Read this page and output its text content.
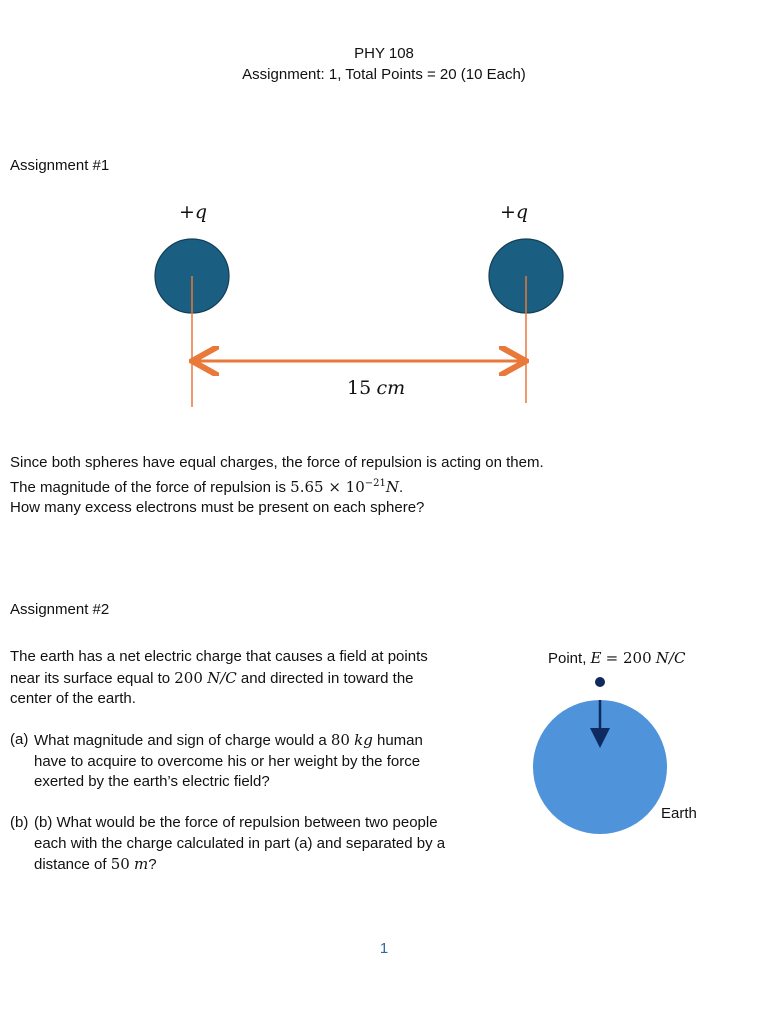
PHY 108
Assignment: 1, Total Points = 20 (10 Each)
Assignment #1
+q	+q
15 cm
Since both spheres have equal charges, the force of repulsion is acting on them.
The magnitude of the force of repulsion is $5.65 \times 10^{-21}N$.
How many excess electrons must be present on each sphere?
Assignment #2
The earth has a net electric charge that causes a field at points
near its surface equal to 200 N/C and directed in toward the
center of the earth.
(a) What magnitude and sign of charge would a 80 kg human
have to acquire to overcome his or her weight by the force
exerted by the earth’s electric field?
(b) (b) What would be the force of repulsion between two people
each with the charge calculated in part (a) and separated by a
distance of 50 m?
Point, E = 200 N/C
Earth
1
